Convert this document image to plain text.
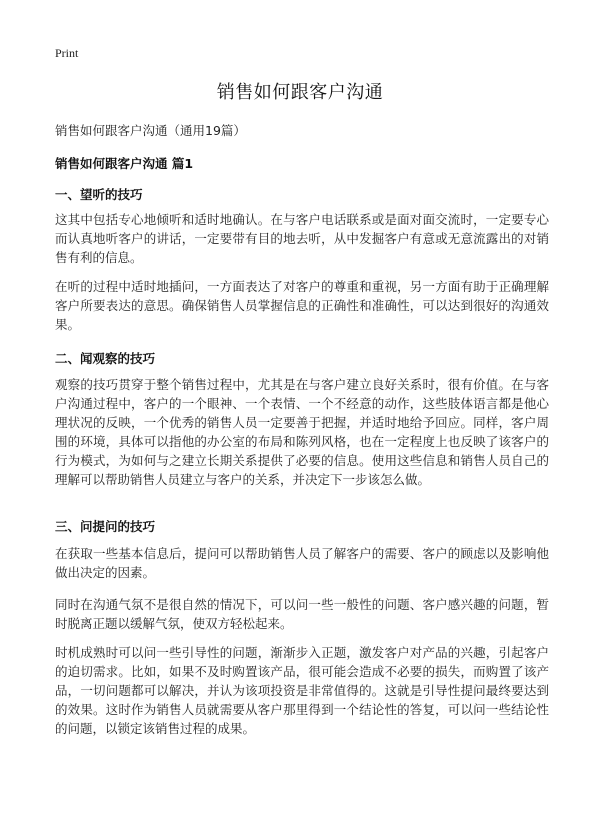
Print
销售如何跟客户沟通
销售如何跟客户沟通（通用19篇）
销售如何跟客户沟通 篇1
一、望听的技巧
这其中包括专心地倾听和适时地确认。在与客户电话联系或是面对面交流时，一定要专心而认真地听客户的讲话，一定要带有目的地去听，从中发掘客户有意或无意流露出的对销售有利的信息。
在听的过程中适时地插问，一方面表达了对客户的尊重和重视，另一方面有助于正确理解客户所要表达的意思。确保销售人员掌握信息的正确性和准确性，可以达到很好的沟通效果。
二、闻观察的技巧
观察的技巧贯穿于整个销售过程中，尤其是在与客户建立良好关系时，很有价值。在与客户沟通过程中，客户的一个眼神、一个表情、一个不经意的动作，这些肢体语言都是他心理状况的反映，一个优秀的销售人员一定要善于把握，并适时地给予回应。同样，客户周围的环境，具体可以指他的办公室的布局和陈列风格，也在一定程度上也反映了该客户的行为模式，为如何与之建立长期关系提供了必要的信息。使用这些信息和销售人员自己的理解可以帮助销售人员建立与客户的关系，并决定下一步该怎么做。
三、问提问的技巧
在获取一些基本信息后，提问可以帮助销售人员了解客户的需要、客户的顾虑以及影响他做出决定的因素。
同时在沟通气氛不是很自然的情况下，可以问一些一般性的问题、客户感兴趣的问题，暂时脱离正题以缓解气氛，使双方轻松起来。
时机成熟时可以问一些引导性的问题，渐渐步入正题，激发客户对产品的兴趣，引起客户的迫切需求。比如，如果不及时购置该产品，很可能会造成不必要的损失，而购置了该产品，一切问题都可以解决，并认为该项投资是非常值得的。这就是引导性提问最终要达到的效果。这时作为销售人员就需要从客户那里得到一个结论性的答复，可以问一些结论性的问题，以锁定该销售过程的成果。
